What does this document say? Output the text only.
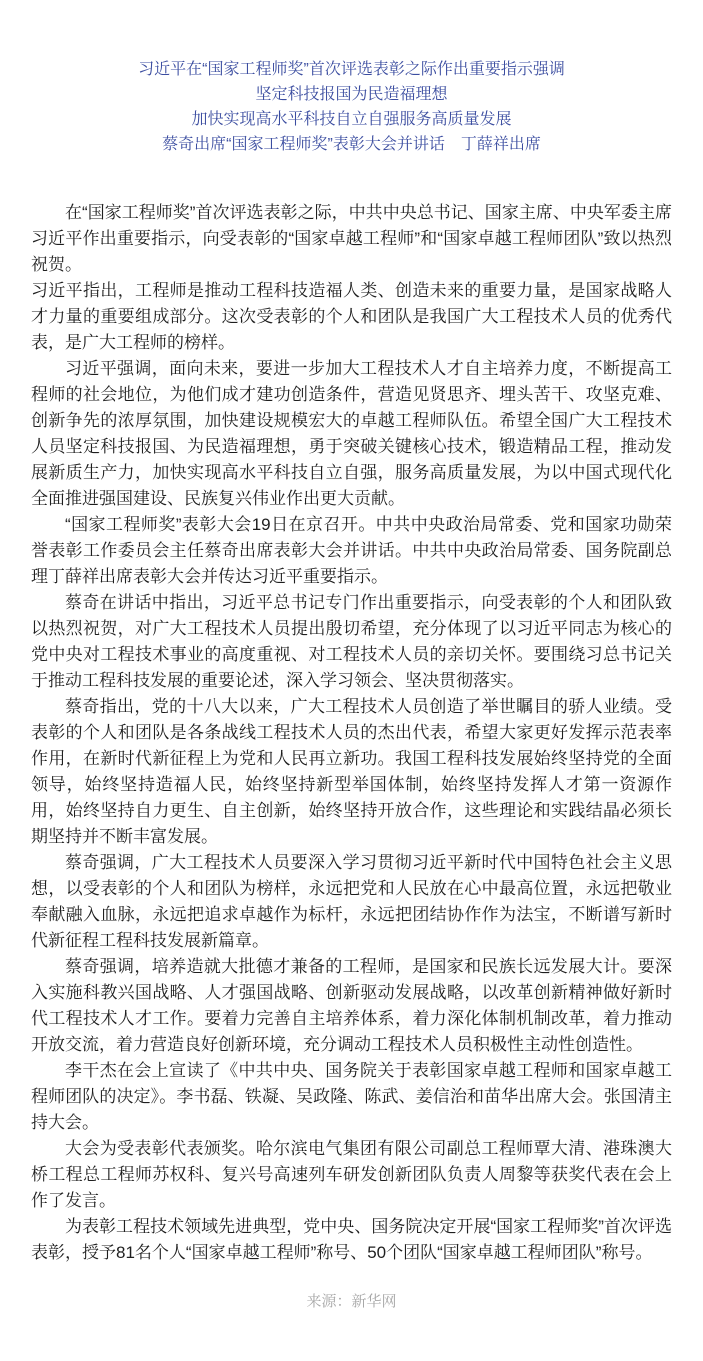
习近平在“国家工程师奖”首次评选表彰之际作出重要指示强调
坚定科技报国为民造福理想
加快实现高水平科技自立自强服务高质量发展
蔡奇出席“国家工程师奖”表彰大会并讲话　丁薛祥出席

在“国家工程师奖”首次评选表彰之际，中共中央总书记、国家主席、中央军委主席习近平作出重要指示，向受表彰的“国家卓越工程师”和“国家卓越工程师团队”致以热烈祝贺。

习近平指出，工程师是推动工程科技造福人类、创造未来的重要力量，是国家战略人才力量的重要组成部分。这次受表彰的个人和团队是我国广大工程技术人员的优秀代表，是广大工程师的榜样。

习近平强调，面向未来，要进一步加大工程技术人才自主培养力度，不断提高工程师的社会地位，为他们成才建功创造条件，营造见贤思齐、埋头苦干、攻坚克难、创新争先的浓厚氛围，加快建设规模宏大的卓越工程师队伍。希望全国广大工程技术人员坚定科技报国、为民造福理想，勇于突破关键核心技术，锻造精品工程，推动发展新质生产力，加快实现高水平科技自立自强，服务高质量发展，为以中国式现代化全面推进强国建设、民族复兴伟业作出更大贡献。

“国家工程师奖”表彰大会19日在京召开。中共中央政治局常委、党和国家功勋荣誉表彰工作委员会主任蔡奇出席表彰大会并讲话。中共中央政治局常委、国务院副总理丁薛祥出席表彰大会并传达习近平重要指示。

蔡奇在讲话中指出，习近平总书记专门作出重要指示，向受表彰的个人和团队致以热烈祝贺，对广大工程技术人员提出殷切希望，充分体现了以习近平同志为核心的党中央对工程技术事业的高度重视、对工程技术人员的亲切关怀。要围绕习总书记关于推动工程科技发展的重要论述，深入学习领会、坚决贯彻落实。

蔡奇指出，党的十八大以来，广大工程技术人员创造了举世瞩目的骄人业绩。受表彰的个人和团队是各条战线工程技术人员的杰出代表，希望大家更好发挥示范表率作用，在新时代新征程上为党和人民再立新功。我国工程科技发展始终坚持党的全面领导，始终坚持造福人民，始终坚持新型举国体制，始终坚持发挥人才第一资源作用，始终坚持自力更生、自主创新，始终坚持开放合作，这些理论和实践结晶必须长期坚持并不断丰富发展。

蔡奇强调，广大工程技术人员要深入学习贯彻习近平新时代中国特色社会主义思想，以受表彰的个人和团队为榜样，永远把党和人民放在心中最高位置，永远把敬业奉献融入血脉，永远把追求卓越作为标杆，永远把团结协作作为法宝，不断谱写新时代新征程工程科技发展新篇章。

蔡奇强调，培养造就大批德才兼备的工程师，是国家和民族长远发展大计。要深入实施科教兴国战略、人才强国战略、创新驱动发展战略，以改革创新精神做好新时代工程技术人才工作。要着力完善自主培养体系，着力深化体制机制改革，着力推动开放交流，着力营造良好创新环境，充分调动工程技术人员积极性主动性创造性。

李干杰在会上宣读了《中共中央、国务院关于表彰国家卓越工程师和国家卓越工程师团队的决定》。李书磊、铁凝、吴政隆、陈武、姜信治和苗华出席大会。张国清主持大会。

大会为受表彰代表颁奖。哈尔滨电气集团有限公司副总工程师覃大清、港珠澳大桥工程总工程师苏权科、复兴号高速列车研发创新团队负责人周黎等获奖代表在会上作了发言。

为表彰工程技术领域先进典型，党中央、国务院决定开展“国家工程师奖”首次评选表彰，授予81名个人“国家卓越工程师”称号、50个团队“国家卓越工程师团队”称号。

来源：新华网
